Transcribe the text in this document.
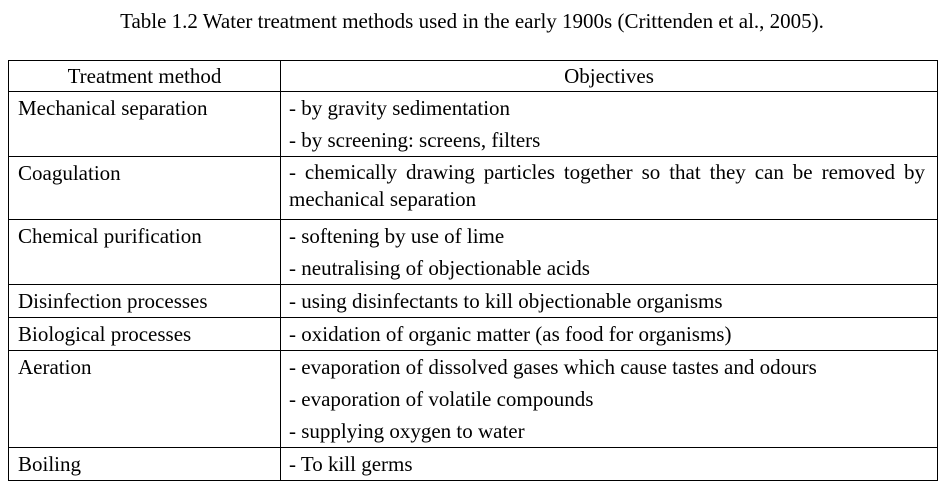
Table 1.2 Water treatment methods used in the early 1900s (Crittenden et al., 2005).
Treatment method	Objectives

Mechanical separation	- by gravity sedimentation
- by screening: screens, filters

Coagulation	- chemically drawing particles together so that they can be removed by mechanical separation

Chemical purification	- softening by use of lime
- neutralising of objectionable acids

Disinfection processes	- using disinfectants to kill objectionable organisms

Biological processes	- oxidation of organic matter (as food for organisms)

Aeration	- evaporation of dissolved gases which cause tastes and odours
- evaporation of volatile compounds
- supplying oxygen to water

Boiling	- To kill germs
